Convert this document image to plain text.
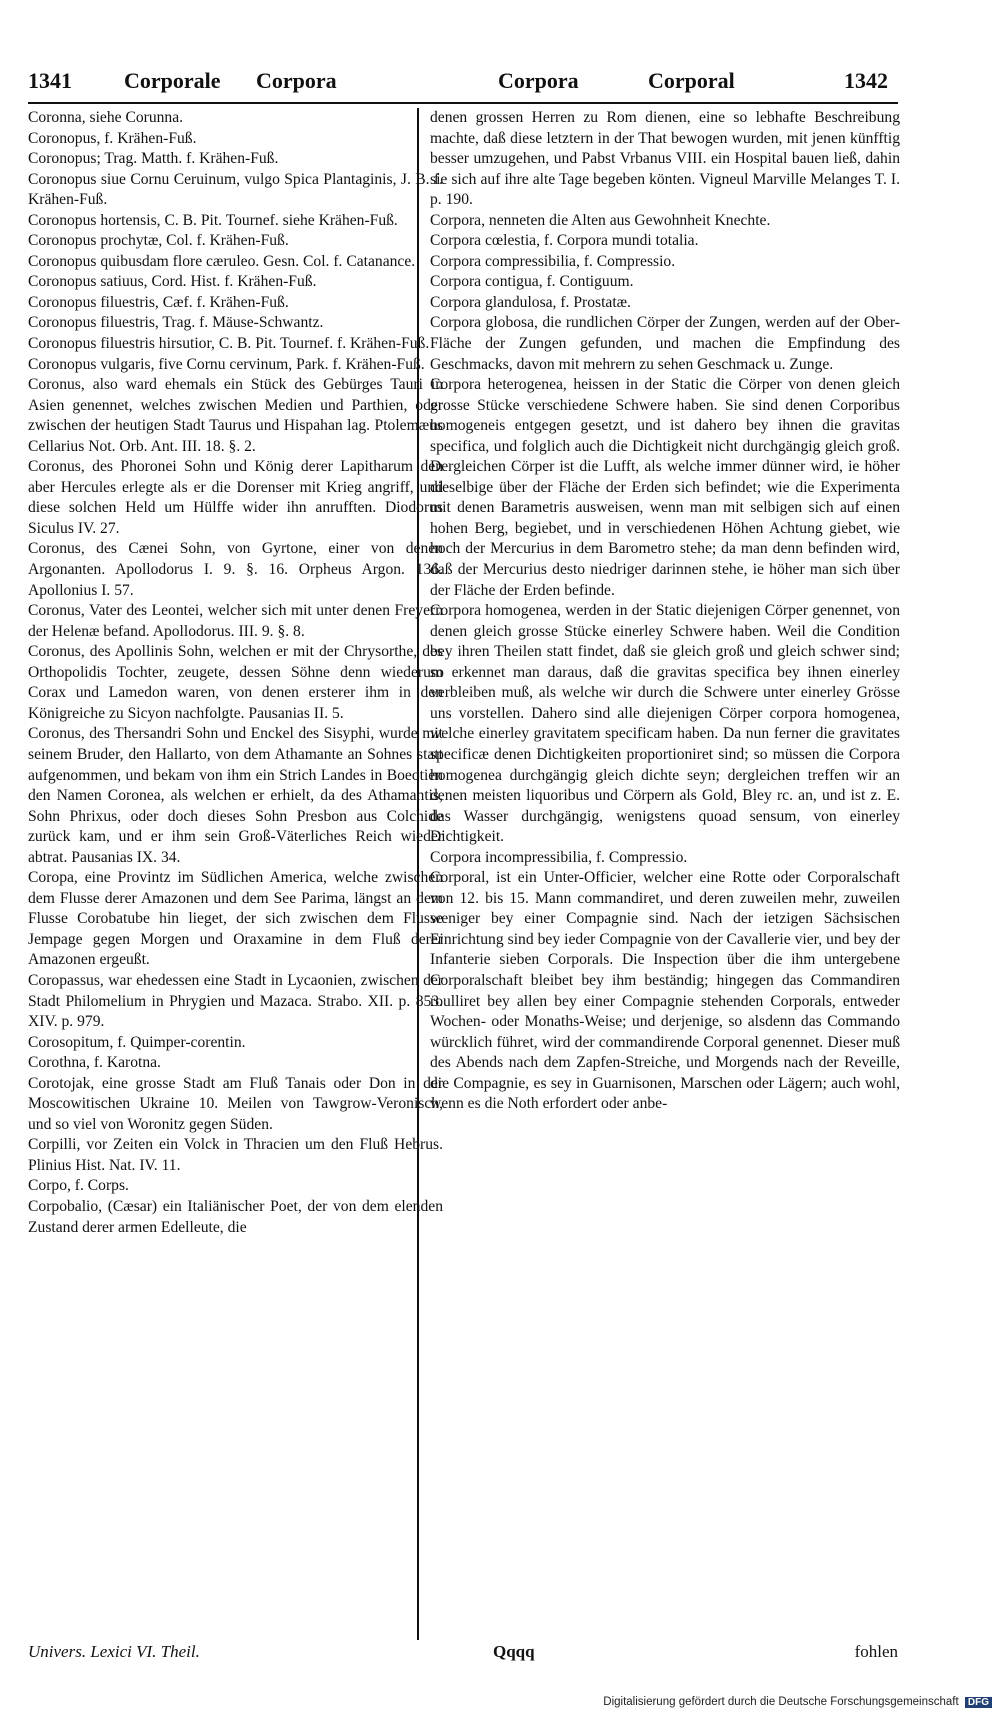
1341 Corporale Corpora	Corpora	Corporal	1342

Coronna, siehe Corunna.

Coronopus, f. Krähen-Fuß.

Coronopus; Trag. Matth. f. Krähen-Fuß.

Coronopus siue Cornu Ceruinum, vulgo Spica Plantaginis, J. B. f. Krähen-Fuß.

Coronopus hortensis, C. B. Pit. Tournef. siehe Krähen-Fuß.

Coronopus prochytæ, Col. f. Krähen-Fuß.

Coronopus quibusdam flore cæruleo. Gesn. Col. f. Catanance.

Coronopus satiuus, Cord. Hist. f. Krähen-Fuß.

Coronopus filuestris, Cæf. f. Krähen-Fuß.

Coronopus filuestris, Trag. f. Mäuse-Schwantz.

Coronopus filuestris hirsutior, C. B. Pit. Tournef. f. Krähen-Fuß.

Coronopus vulgaris, five Cornu cervinum, Park. f. Krähen-Fuß.

Coronus, also ward ehemals ein Stück des Gebürges Tauri in Asien genennet, welches zwischen Medien und Parthien, oder zwischen der heutigen Stadt Taurus und Hispahan lag. Ptolemæus Cellarius Not. Orb. Ant. III. 18. §. 2.

Coronus, des Phoronei Sohn und König derer Lapitharum den aber Hercules erlegte als er die Dorenser mit Krieg angriff, und diese solchen Held um Hülffe wider ihn anrufften. Diodorus Siculus IV. 27.

Coronus, des Cænei Sohn, von Gyrtone, einer von denen Argonanten. Apollodorus I. 9. §. 16. Orpheus Argon. 136. Apollonius I. 57.

Coronus, Vater des Leontei, welcher sich mit unter denen Freyern der Helenæ befand. Apollodorus. III. 9. §. 8.

Coronus, des Apollinis Sohn, welchen er mit der Chrysorthe, des Orthopolidis Tochter, zeugete, dessen Söhne denn wiederum Corax und Lamedon waren, von denen ersterer ihm in den Königreiche zu Sicyon nachfolgte. Pausanias II. 5.

Coronus, des Thersandri Sohn und Enckel des Sisyphi, wurde mit seinem Bruder, den Hallarto, von dem Athamante an Sohnes statt aufgenommen, und bekam von ihm ein Strich Landes in Boeotien den Namen Coronea, als welchen er erhielt, da des Athamantis, Sohn Phrixus, oder doch dieses Sohn Presbon aus Colchide zurück kam, und er ihm sein Groß-Väterliches Reich wieder abtrat. Pausanias IX. 34.

Coropa, eine Provintz im Südlichen America, welche zwischen dem Flusse derer Amazonen und dem See Parima, längst an dem Flusse Corobatube hin lieget, der sich zwischen dem Flusse Jempage gegen Morgen und Oraxamine in dem Fluß derer Amazonen ergeußt.

Coropassus, war ehedessen eine Stadt in Lycaonien, zwischen der Stadt Philomelium in Phrygien und Mazaca. Strabo. XII. p. 853. XIV. p. 979.

Corosopitum, f. Quimper-corentin.

Corothna, f. Karotna.

Corotojak, eine grosse Stadt am Fluß Tanais oder Don in der Moscowitischen Ukraine 10. Meilen von Tawgrow-Veronisch, und so viel von Woronitz gegen Süden.

Corpilli, vor Zeiten ein Volck in Thracien um den Fluß Hebrus. Plinius Hist. Nat. IV. 11.

Corpo, f. Corps.

Corpobalio, (Cæsar) ein Italiänischer Poet, der von dem elenden Zustand derer armen Edelleute, die

denen grossen Herren zu Rom dienen, eine so lebhafte Beschreibung machte, daß diese letztern in der That bewogen wurden, mit jenen künfftig besser umzugehen, und Pabst Vrbanus VIII. ein Hospital bauen ließ, dahin sie sich auf ihre alte Tage begeben könten. Vigneul Marville Melanges T. I. p. 190.

Corpora, nenneten die Alten aus Gewohnheit Knechte.

Corpora cœlestia, f. Corpora mundi totalia.

Corpora compressibilia, f. Compressio.

Corpora contigua, f. Contiguum.

Corpora glandulosa, f. Prostatæ.

Corpora globosa, die rundlichen Cörper der Zungen, werden auf der Ober-Fläche der Zungen gefunden, und machen die Empfindung des Geschmacks, davon mit mehrern zu sehen Geschmack u. Zunge.

Corpora heterogenea, heissen in der Static die Cörper von denen gleich grosse Stücke verschiedene Schwere haben. Sie sind denen Corporibus homogeneis entgegen gesetzt, und ist dahero bey ihnen die gravitas specifica, und folglich auch die Dichtigkeit nicht durchgängig gleich groß. Dergleichen Cörper ist die Lufft, als welche immer dünner wird, ie höher dieselbige über der Fläche der Erden sich befindet; wie die Experimenta mit denen Barametris ausweisen, wenn man mit selbigen sich auf einen hohen Berg, begiebet, und in verschiedenen Höhen Achtung giebet, wie hoch der Mercurius in dem Barometro stehe; da man denn befinden wird, daß der Mercurius desto niedriger darinnen stehe, ie höher man sich über der Fläche der Erden befinde.

Corpora homogenea, werden in der Static diejenigen Cörper genennet, von denen gleich grosse Stücke einerley Schwere haben. Weil die Condition bey ihren Theilen statt findet, daß sie gleich groß und gleich schwer sind; so erkennet man daraus, daß die gravitas specifica bey ihnen einerley verbleiben muß, als welche wir durch die Schwere unter einerley Grösse uns vorstellen. Dahero sind alle diejenigen Cörper corpora homogenea, welche einerley gravitatem specificam haben. Da nun ferner die gravitates specificæ denen Dichtigkeiten proportioniret sind; so müssen die Corpora homogenea durchgängig gleich dichte seyn; dergleichen treffen wir an denen meisten liquoribus und Cörpern als Gold, Bley rc. an, und ist z. E. das Wasser durchgängig, wenigstens quoad sensum, von einerley Dichtigkeit.

Corpora incompressibilia, f. Compressio.

Corporal, ist ein Unter-Officier, welcher eine Rotte oder Corporalschaft von 12. bis 15. Mann commandiret, und deren zuweilen mehr, zuweilen weniger bey einer Compagnie sind. Nach der ietzigen Sächsischen Einrichtung sind bey ieder Compagnie von der Cavallerie vier, und bey der Infanterie sieben Corporals. Die Inspection über die ihm untergebene Corporalschaft bleibet bey ihm beständig; hingegen das Commandiren roulliret bey allen bey einer Compagnie stehenden Corporals, entweder Wochen- oder Monaths-Weise; und derjenige, so alsdenn das Commando würcklich führet, wird der commandirende Corporal genennet. Dieser muß des Abends nach dem Zapfen-Streiche, und Morgends nach der Reveille, die Compagnie, es sey in Guarnisonen, Marschen oder Lägern; auch wohl, wenn es die Noth erfordert oder anbe-

Univers. Lexici VI. Theil.	Qqqq	fohlen
Digitalisierung gefördert durch die Deutsche Forschungsgemeinschaft DFG
